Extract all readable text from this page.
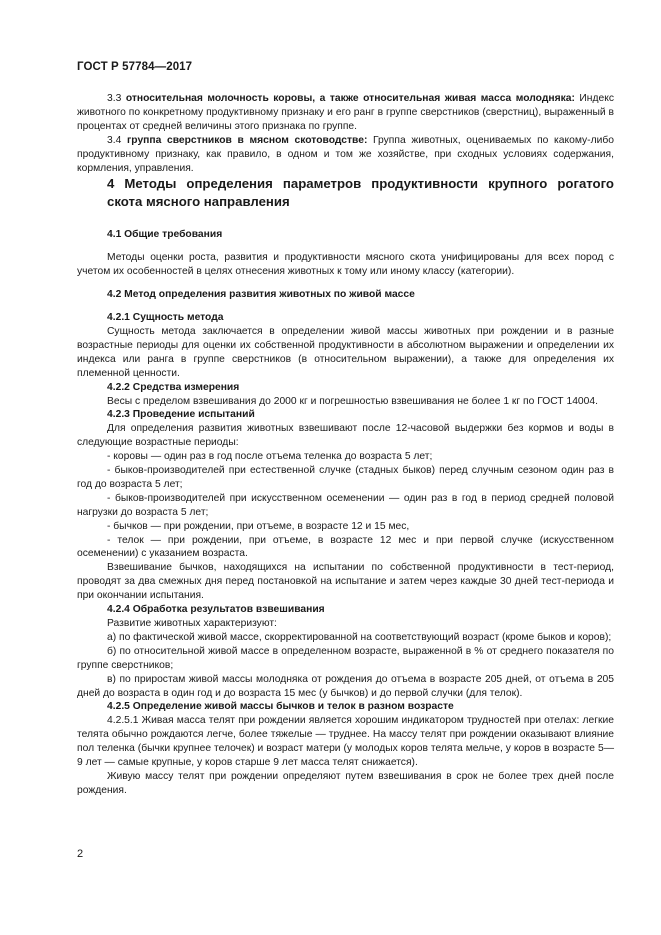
ГОСТ Р 57784—2017

3.3 относительная молочность коровы, а также относительная живая масса молодняка: Индекс животного по конкретному продуктивному признаку и его ранг в группе сверстников (сверстниц), выраженный в процентах от средней величины этого признака по группе.

3.4 группа сверстников в мясном скотоводстве: Группа животных, оцениваемых по какому-либо продуктивному признаку, как правило, в одном и том же хозяйстве, при сходных условиях содержания, кормления, управления.

4 Методы определения параметров продуктивности крупного рогатого скота мясного направления

4.1 Общие требования

Методы оценки роста, развития и продуктивности мясного скота унифицированы для всех пород с учетом их особенностей в целях отнесения животных к тому или иному классу (категории).

4.2 Метод определения развития животных по живой массе

4.2.1 Сущность метода

Сущность метода заключается в определении живой массы животных при рождении и в разные возрастные периоды для оценки их собственной продуктивности в абсолютном выражении и определении их индекса или ранга в группе сверстников (в относительном выражении), а также для определения их племенной ценности.

4.2.2 Средства измерения

Весы с пределом взвешивания до 2000 кг и погрешностью взвешивания не более 1 кг по ГОСТ 14004.

4.2.3 Проведение испытаний

Для определения развития животных взвешивают после 12-часовой выдержки без кормов и воды в следующие возрастные периоды:

- коровы — один раз в год после отъема теленка до возраста 5 лет;

- быков-производителей при естественной случке (стадных быков) перед случным сезоном один раз в год до возраста 5 лет;

- быков-производителей при искусственном осеменении — один раз в год в период средней половой нагрузки до возраста 5 лет;

- бычков — при рождении, при отъеме, в возрасте 12 и 15 мес,

- телок — при рождении, при отъеме, в возрасте 12 мес и при первой случке (искусственном осеменении) с указанием возраста.

Взвешивание бычков, находящихся на испытании по собственной продуктивности в тест-период, проводят за два смежных дня перед постановкой на испытание и затем через каждые 30 дней тест-периода и при окончании испытания.

4.2.4 Обработка результатов взвешивания

Развитие животных характеризуют:

а) по фактической живой массе, скорректированной на соответствующий возраст (кроме быков и коров);

б) по относительной живой массе в определенном возрасте, выраженной в % от среднего показателя по группе сверстников;

в) по приростам живой массы молодняка от рождения до отъема в возрасте 205 дней, от отъема в 205 дней до возраста в один год и до возраста 15 мес (у бычков) и до первой случки (для телок).

4.2.5 Определение живой массы бычков и телок в разном возрасте

4.2.5.1 Живая масса телят при рождении является хорошим индикатором трудностей при отелах: легкие телята обычно рождаются легче, более тяжелые — труднее. На массу телят при рождении оказывают влияние пол теленка (бычки крупнее телочек) и возраст матери (у молодых коров телята мельче, у коров в возрасте 5—9 лет — самые крупные, у коров старше 9 лет масса телят снижается).

Живую массу телят при рождении определяют путем взвешивания в срок не более трех дней после рождения.

2
